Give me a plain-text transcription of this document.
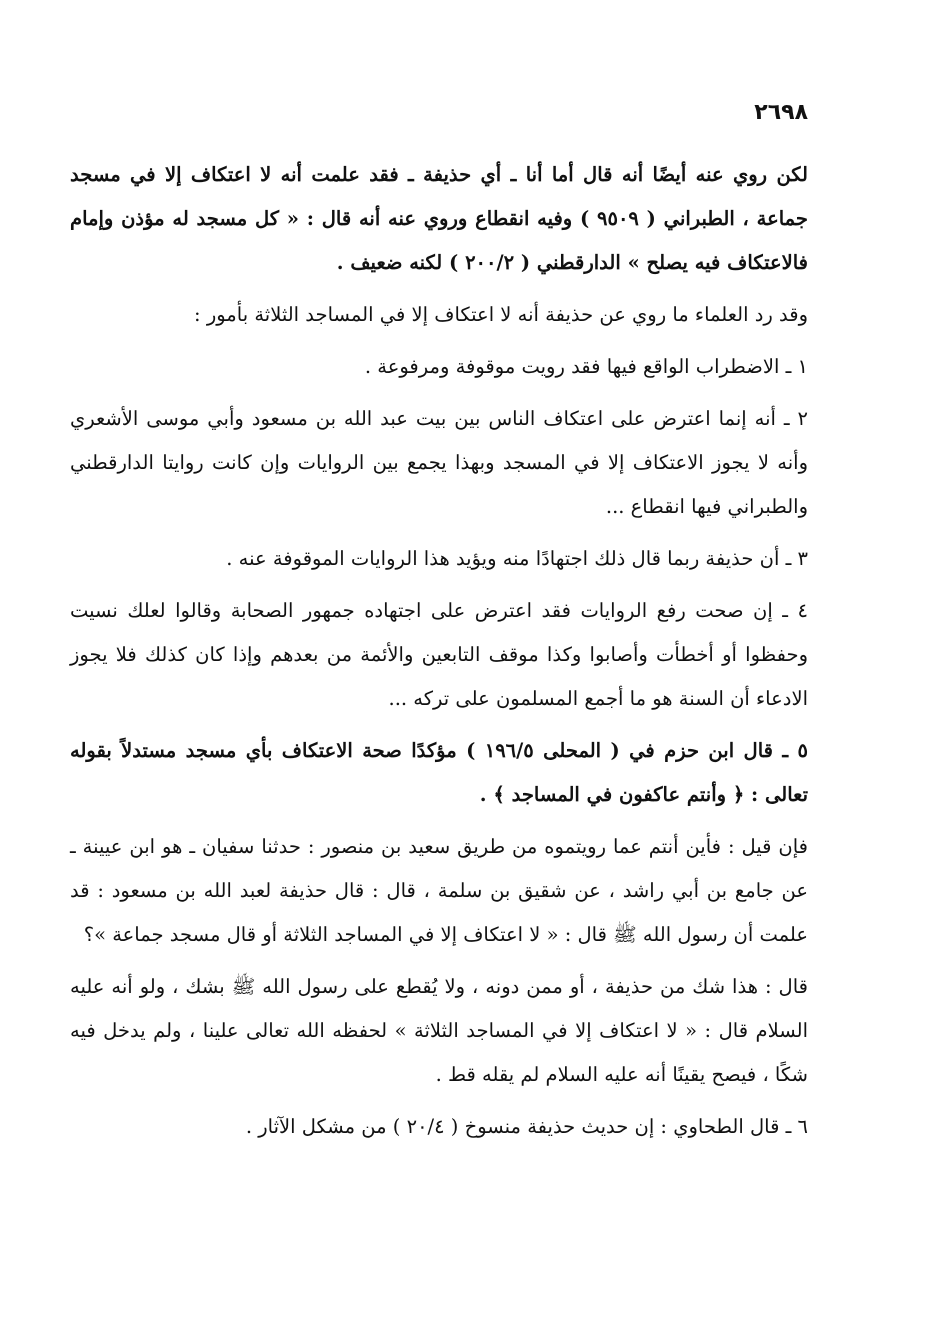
٢٦٩٨

لكن روي عنه أيضًا أنه قال أما أنا ـ أي حذيفة ـ فقد علمت أنه لا اعتكاف إلا في مسجد جماعة ، الطبراني ( ٩٥٠٩ ) وفيه انقطاع وروي عنه أنه قال : « كل مسجد له مؤذن وإمام فالاعتكاف فيه يصلح » الدارقطني ( ٢٠٠/٢ ) لكنه ضعيف .

وقد رد العلماء ما روي عن حذيفة أنه لا اعتكاف إلا في المساجد الثلاثة بأمور :

١ ـ الاضطراب الواقع فيها فقد رويت موقوفة ومرفوعة .

٢ ـ أنه إنما اعترض على اعتكاف الناس بين بيت عبد الله بن مسعود وأبي موسى الأشعري وأنه لا يجوز الاعتكاف إلا في المسجد وبهذا يجمع بين الروايات وإن كانت روايتا الدارقطني والطبراني فيها انقطاع ...

٣ ـ أن حذيفة ربما قال ذلك اجتهادًا منه ويؤيد هذا الروايات الموقوفة عنه .

٤ ـ إن صحت رفع الروايات فقد اعترض على اجتهاده جمهور الصحابة وقالوا لعلك نسيت وحفظوا أو أخطأت وأصابوا وكذا موقف التابعين والأئمة من بعدهم وإذا كان كذلك فلا يجوز الادعاء أن السنة هو ما أجمع المسلمون على تركه ...

٥ ـ قال ابن حزم في ( المحلى ١٩٦/٥ ) مؤكدًا صحة الاعتكاف بأي مسجد مستدلاً بقوله تعالى : ﴿ وأنتم عاكفون في المساجد ﴾ .

فإن قيل : فأين أنتم عما رويتموه من طريق سعيد بن منصور : حدثنا سفيان ـ هو ابن عيينة ـ عن جامع بن أبي راشد ، عن شقيق بن سلمة ، قال : قال حذيفة لعبد الله بن مسعود : قد علمت أن رسول الله ﷺ قال : « لا اعتكاف إلا في المساجد الثلاثة أو قال مسجد جماعة »؟

قال : هذا شك من حذيفة ، أو ممن دونه ، ولا يُقطع على رسول الله ﷺ بشك ، ولو أنه عليه السلام قال : « لا اعتكاف إلا في المساجد الثلاثة » لحفظه الله تعالى علينا ، ولم يدخل فيه شكًا ، فيصح يقينًا أنه عليه السلام لم يقله قط .

٦ ـ قال الطحاوي : إن حديث حذيفة منسوخ ( ٢٠/٤ ) من مشكل الآثار .
